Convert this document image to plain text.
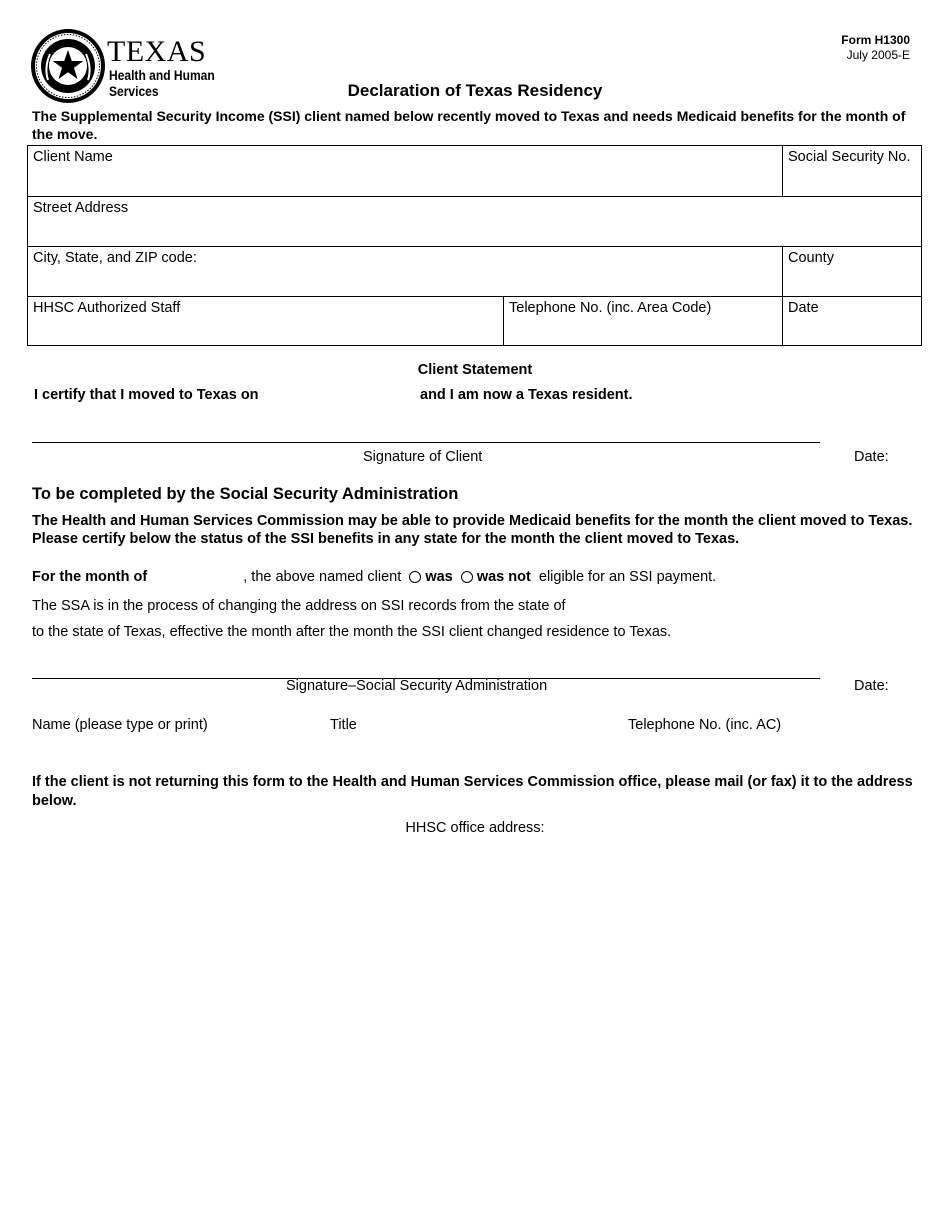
TEXAS
Health and Human
Services
Form H1300
July 2005-E
Declaration of Texas Residency
The Supplemental Security Income (SSI) client named below recently moved to Texas and needs Medicaid benefits for the month of the move.
Client Name	Social Security No.
Street Address
City, State, and ZIP code:	County
HHSC Authorized Staff	Telephone No. (inc. Area Code)	Date
Client Statement
I certify that I moved to Texas on	and I am now a Texas resident.
Signature of Client	Date:
To be completed by the Social Security Administration
The Health and Human Services Commission may be able to provide Medicaid benefits for the month the client moved to Texas. Please certify below the status of the SSI benefits in any state for the month the client moved to Texas.
For the month of	, the above named client was was not eligible for an SSI payment.
The SSA is in the process of changing the address on SSI records from the state of
to the state of Texas, effective the month after the month the SSI client changed residence to Texas.
Signature–Social Security Administration	Date:
Name (please type or print)	Title	Telephone No. (inc. AC)
If the client is not returning this form to the Health and Human Services Commission office, please mail (or fax) it to the address below.
HHSC office address:
